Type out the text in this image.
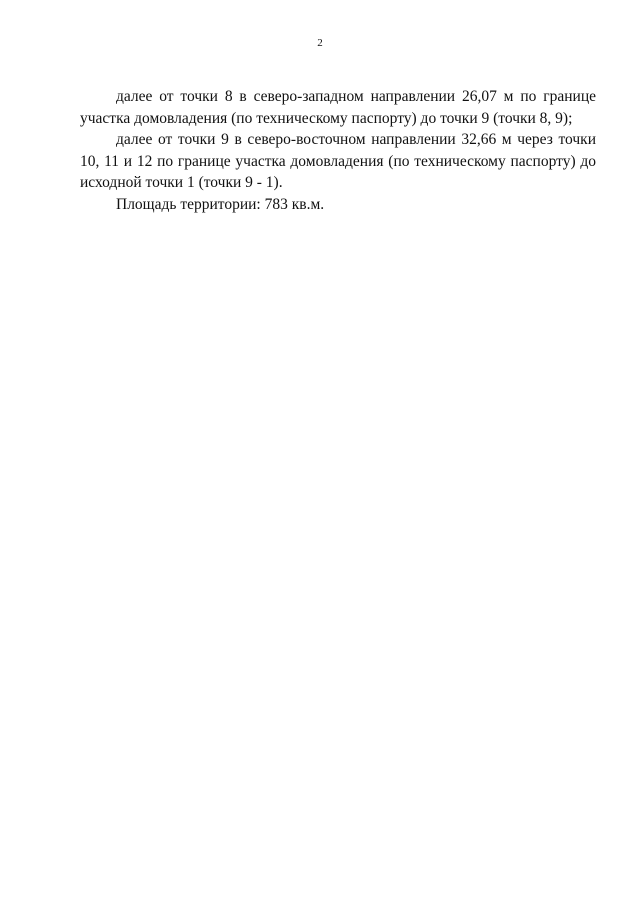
2

далее от точки 8 в северо-западном направлении 26,07 м по границе участка домовладения (по техническому паспорту) до точки 9 (точки 8, 9);

далее от точки 9 в северо-восточном направлении 32,66 м через точки 10, 11 и 12 по границе участка домовладения (по техническому паспорту) до исходной точки 1 (точки 9 - 1).

Площадь территории: 783 кв.м.
